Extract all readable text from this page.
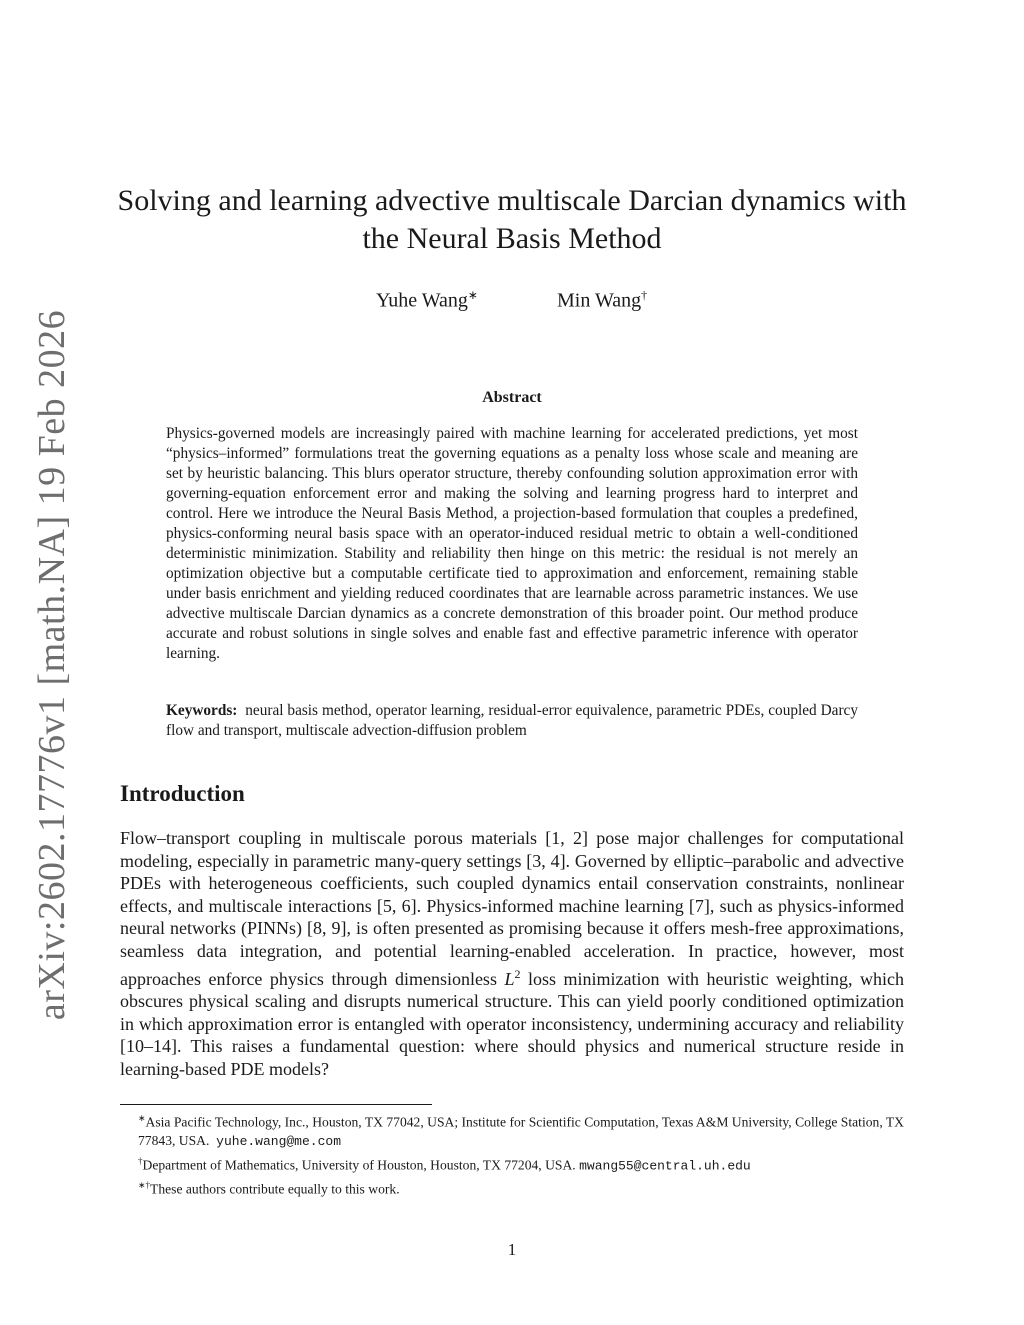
arXiv:2602.17776v1 [math.NA] 19 Feb 2026
Solving and learning advective multiscale Darcian dynamics with
the Neural Basis Method
Yuhe Wang∗	Min Wang†
Abstract
Physics-governed models are increasingly paired with machine learning for accelerated predictions, yet most “physics–informed” formulations treat the governing equations as a penalty loss whose scale and meaning are set by heuristic balancing. This blurs operator structure, thereby confounding solution approximation error with governing-equation enforcement error and making the solving and learning progress hard to interpret and control. Here we introduce the Neural Basis Method, a projection-based formulation that couples a predefined, physics-conforming neural basis space with an operator-induced residual metric to obtain a well-conditioned deterministic minimization. Stability and reliability then hinge on this metric: the residual is not merely an optimization objective but a computable certificate tied to approximation and enforcement, remaining stable under basis enrichment and yielding reduced coordinates that are learnable across parametric instances. We use advective multiscale Darcian dynamics as a concrete demonstration of this broader point. Our method produce accurate and robust solutions in single solves and enable fast and effective parametric inference with operator learning.
Keywords: neural basis method, operator learning, residual-error equivalence, parametric PDEs, coupled Darcy flow and transport, multiscale advection-diffusion problem
Introduction
Flow–transport coupling in multiscale porous materials [1, 2] pose major challenges for computational modeling, especially in parametric many-query settings [3, 4]. Governed by elliptic–parabolic and advective PDEs with heterogeneous coefficients, such coupled dynamics entail conservation constraints, nonlinear effects, and multiscale interactions [5, 6]. Physics-informed machine learning [7], such as physics-informed neural networks (PINNs) [8, 9], is often presented as promising because it offers mesh-free approximations, seamless data integration, and potential learning-enabled acceleration. In practice, however, most approaches enforce physics through dimensionless $L^2$ loss minimization with heuristic weighting, which obscures physical scaling and disrupts numerical structure. This can yield poorly conditioned optimization in which approximation error is entangled with operator inconsistency, undermining accuracy and reliability [10–14]. This raises a fundamental question: where should physics and numerical structure reside in learning-based PDE models?
∗Asia Pacific Technology, Inc., Houston, TX 77042, USA; Institute for Scientific Computation, Texas A&M University, College Station, TX 77843, USA. yuhe.wang@me.com
†Department of Mathematics, University of Houston, Houston, TX 77204, USA. mwang55@central.uh.edu
∗†These authors contribute equally to this work.
1
